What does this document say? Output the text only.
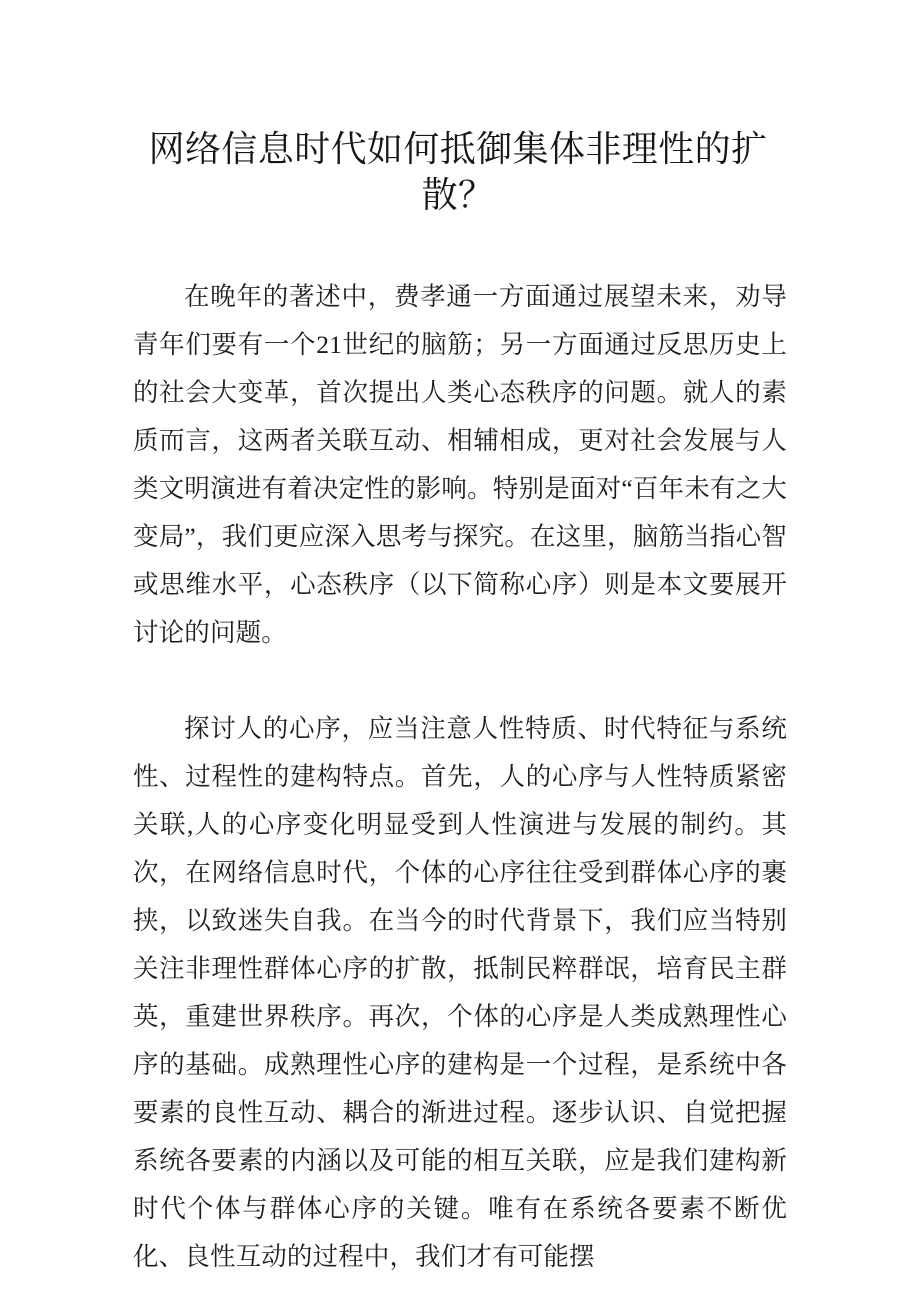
网络信息时代如何抵御集体非理性的扩散？

在晚年的著述中，费孝通一方面通过展望未来，劝导青年们要有一个21世纪的脑筋；另一方面通过反思历史上的社会大变革，首次提出人类心态秩序的问题。就人的素质而言，这两者关联互动、相辅相成，更对社会发展与人类文明演进有着决定性的影响。特别是面对“百年未有之大变局”，我们更应深入思考与探究。在这里，脑筋当指心智或思维水平，心态秩序（以下简称心序）则是本文要展开讨论的问题。

探讨人的心序，应当注意人性特质、时代特征与系统性、过程性的建构特点。首先，人的心序与人性特质紧密关联,人的心序变化明显受到人性演进与发展的制约。其次，在网络信息时代，个体的心序往往受到群体心序的裹挟，以致迷失自我。在当今的时代背景下，我们应当特别关注非理性群体心序的扩散，抵制民粹群氓，培育民主群英，重建世界秩序。再次，个体的心序是人类成熟理性心序的基础。成熟理性心序的建构是一个过程，是系统中各要素的良性互动、耦合的渐进过程。逐步认识、自觉把握系统各要素的内涵以及可能的相互关联，应是我们建构新时代个体与群体心序的关键。唯有在系统各要素不断优化、良性互动的过程中，我们才有可能摆
